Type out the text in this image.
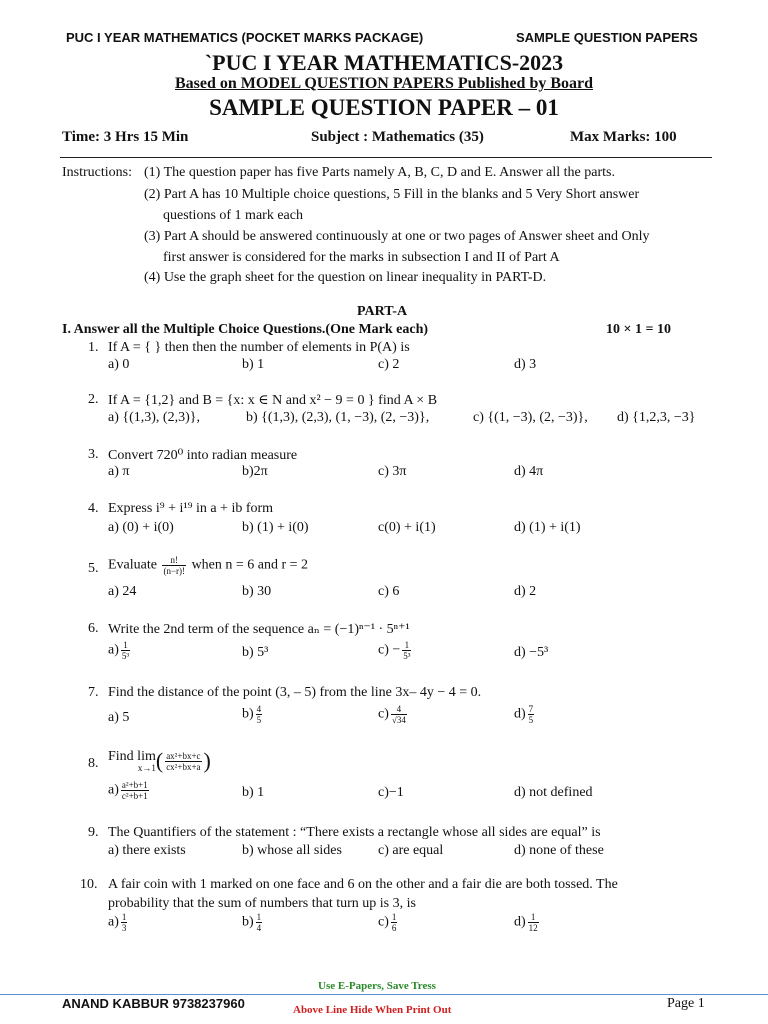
PUC I YEAR MATHEMATICS (POCKET MARKS PACKAGE)	SAMPLE QUESTION PAPERS
`PUC I YEAR MATHEMATICS-2023
Based on MODEL QUESTION PAPERS Published by Board
SAMPLE QUESTION PAPER – 01
Time: 3 Hrs 15 Min	Subject : Mathematics (35)	Max Marks: 100
Instructions: (1) The question paper has five Parts namely A, B, C, D and E. Answer all the parts.
(2) Part A has 10 Multiple choice questions, 5 Fill in the blanks and 5 Very Short answer
questions of 1 mark each
(3) Part A should be answered continuously at one or two pages of Answer sheet and Only
first answer is considered for the marks in subsection I and II of Part A
(4) Use the graph sheet for the question on linear inequality in PART-D.
PART-A
I. Answer all the Multiple Choice Questions.(One Mark each)	10 × 1 = 10
1. If A = { } then then the number of elements in P(A) is
a) 0	b) 1	c) 2	d) 3
2. If A = {1,2} and B = {x: x ∈ N and x² − 9 = 0 } find A × B
a) {(1,3), (2,3)},	b) {(1,3), (2,3), (1, −3), (2, −3)},	c) {(1, −3), (2, −3)}, d) {1,2,3, −3}
3. Convert 720⁰ into radian measure
a) π	b)2π	c) 3π	d) 4π
4. Express i⁹ + i¹⁹ in a + ib form
a) (0) + i(0)	b) (1) + i(0)	c(0) + i(1)	d) (1) + i(1)
5. Evaluate $\frac{n!}{(n-r)!}$ when n = 6 and r = 2
a) 24	b) 30	c) 6	d) 2
6. Write the 2nd term of the sequence aₙ = (−1)ⁿ⁻¹ · 5ⁿ⁺¹
$a) \frac{1}{\text{5³}}$	b) 5³	$c) - \frac{1}{\text{5³}}$	d) −5³
7. Find the distance of the point (3, – 5) from the line 3x– 4y − 4 = 0.
a) 5	$b) \frac{4}{5}$	$c) \frac{4}{√34}$	$d) \frac{7}{5}$
8. Find lim
x→1 ( $\frac{\text{ax²+bx+c}}{\text{cx²+bx+a}}$ )
$a) \frac{\text{a²+b+1}}{\text{c²+b+1}}$	b) 1	c)−1	d) not defined
9. The Quantifiers of the statement : “There exists a rectangle whose all sides are equal” is
a) there exists	b) whose all sides	c) are equal	d) none of these
10. A fair coin with 1 marked on one face and 6 on the other and a fair die are both tossed. The
probability that the sum of numbers that turn up is 3, is
$a) \frac{1}{3}$	$b) \frac{1}{4}$	$c) \frac{1}{6}$	$d) \frac{1}{12}$
Use E-Papers, Save Tress
ANAND KABBUR 9738237960	Above Line Hide When Print Out	Page 1
